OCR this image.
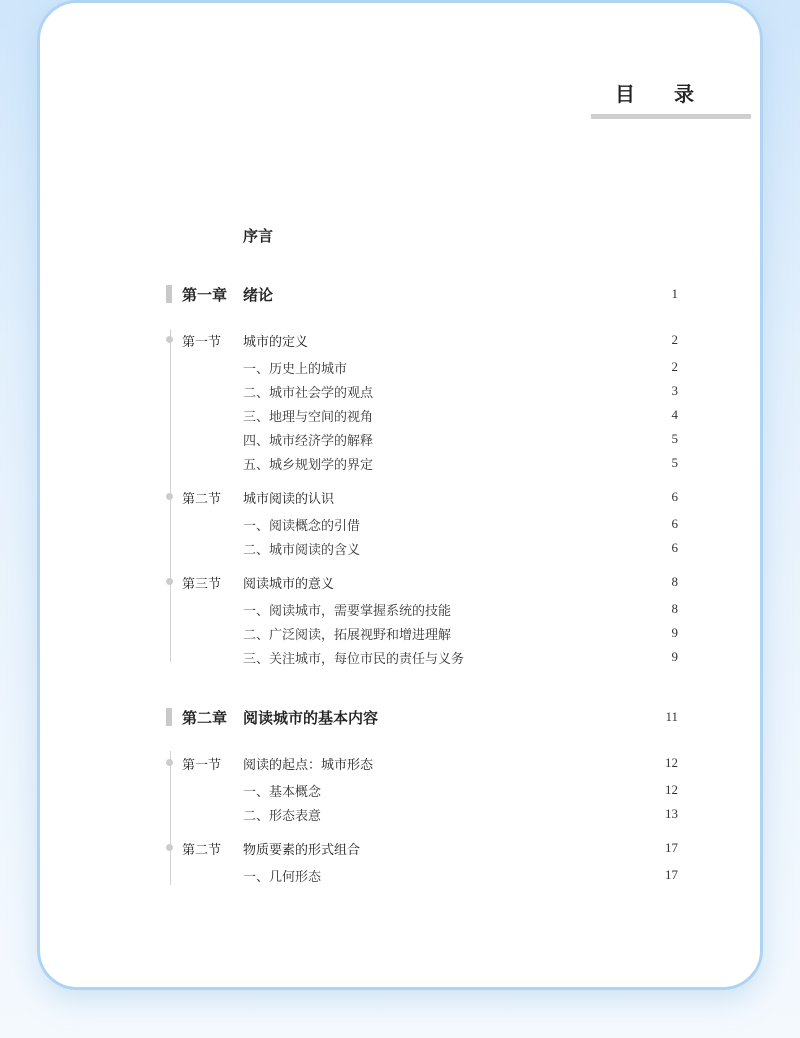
目 录
序言
第一章 绪论	1
第一节 城市的定义	2
一、历史上的城市	2
二、城市社会学的观点	3
三、地理与空间的视角	4
四、城市经济学的解释	5
五、城乡规划学的界定	5
第二节 城市阅读的认识	6
一、阅读概念的引借	6
二、城市阅读的含义	6
第三节 阅读城市的意义	8
一、阅读城市，需要掌握系统的技能	8
二、广泛阅读，拓展视野和增进理解	9
三、关注城市，每位市民的责任与义务	9
第二章 阅读城市的基本内容	11
第一节 阅读的起点：城市形态	12
一、基本概念	12
二、形态表意	13
第二节 物质要素的形式组合	17
一、几何形态	17
